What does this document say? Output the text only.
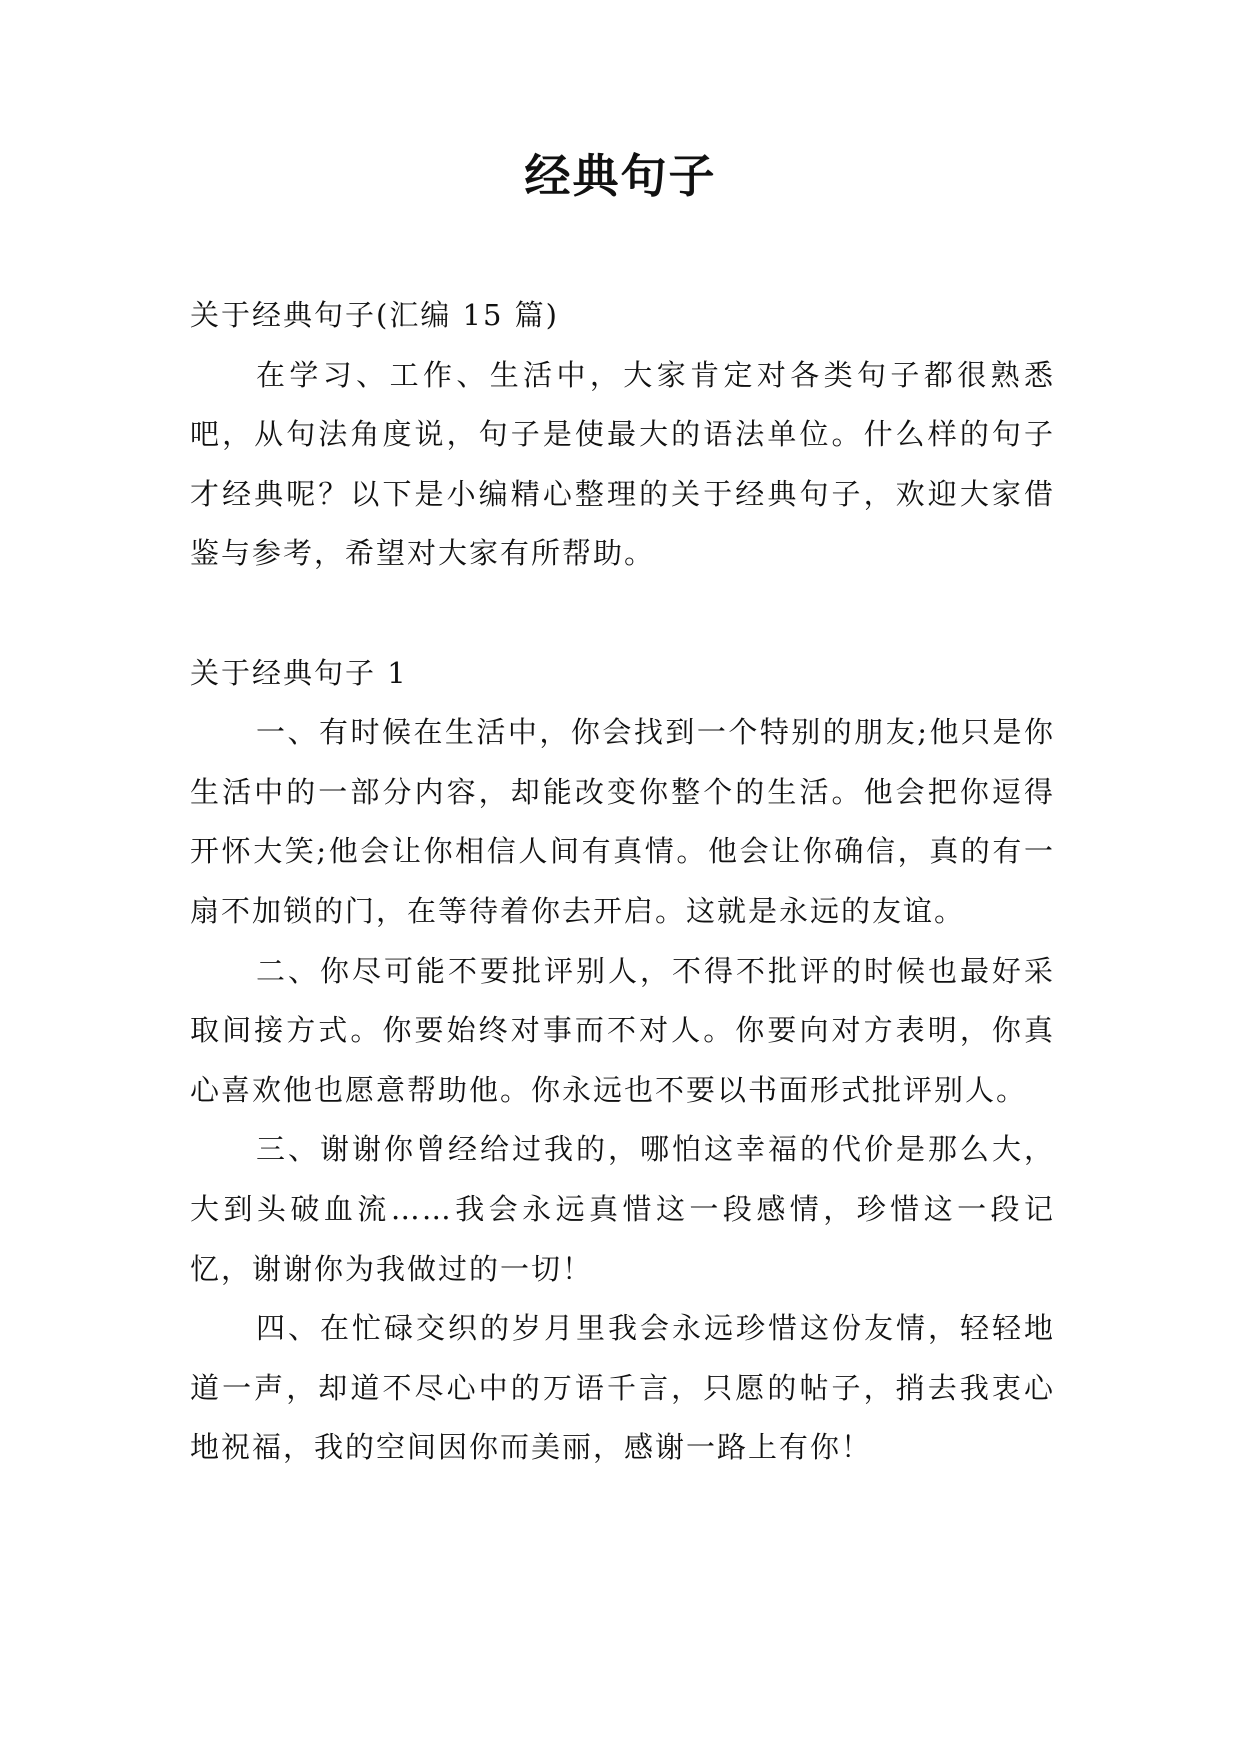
经典句子

关于经典句子(汇编 15 篇)

在学习、工作、生活中，大家肯定对各类句子都很熟悉吧，从句法角度说，句子是使最大的语法单位。什么样的句子才经典呢？以下是小编精心整理的关于经典句子，欢迎大家借鉴与参考，希望对大家有所帮助。

关于经典句子 1

一、有时候在生活中，你会找到一个特别的朋友;他只是你生活中的一部分内容，却能改变你整个的生活。他会把你逗得开怀大笑;他会让你相信人间有真情。他会让你确信，真的有一扇不加锁的门，在等待着你去开启。这就是永远的友谊。

二、你尽可能不要批评别人，不得不批评的时候也最好采取间接方式。你要始终对事而不对人。你要向对方表明，你真心喜欢他也愿意帮助他。你永远也不要以书面形式批评别人。

三、谢谢你曾经给过我的，哪怕这幸福的代价是那么大，大到头破血流……我会永远真惜这一段感情，珍惜这一段记忆，谢谢你为我做过的一切！

四、在忙碌交织的岁月里我会永远珍惜这份友情，轻轻地道一声，却道不尽心中的万语千言，只愿的帖子，捎去我衷心地祝福，我的空间因你而美丽，感谢一路上有你！
